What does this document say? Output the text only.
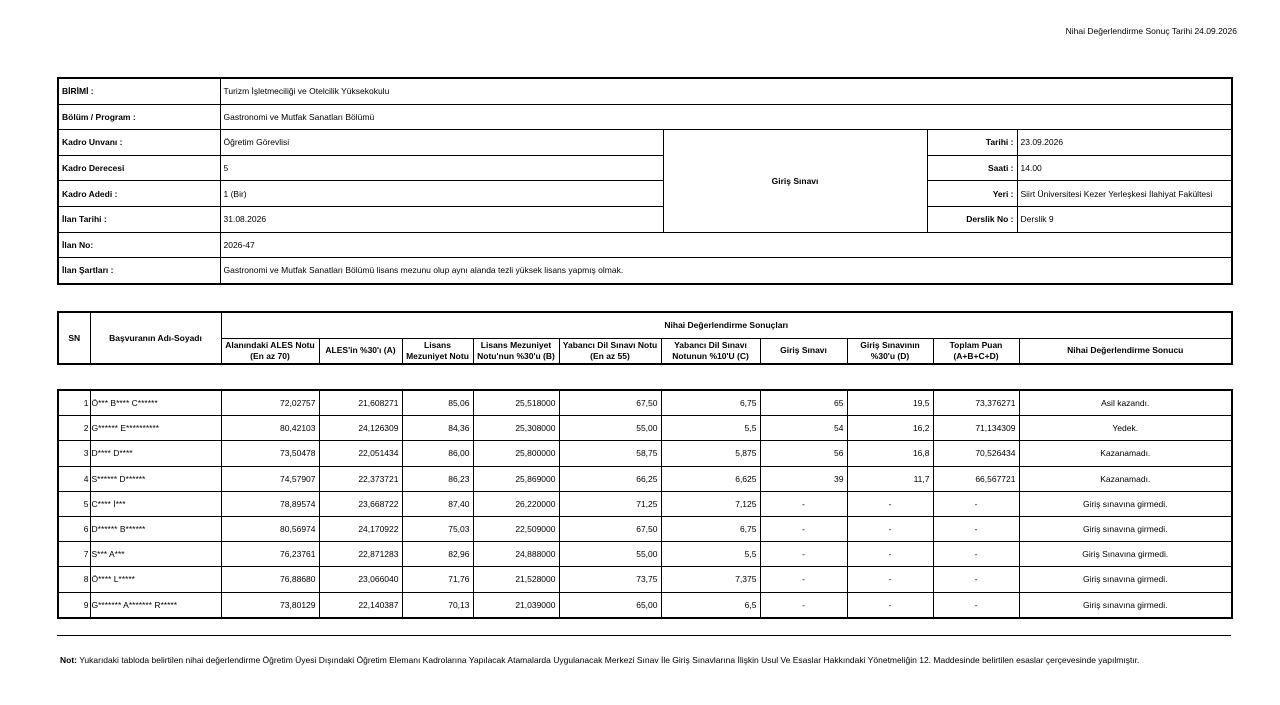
Nihai Değerlendirme Sonuç Tarihi 24.09.2026
BİRİMİ :	Turizm İşletmeciliği ve Otelcilik Yüksekokulu			
Bölüm / Program :	Gastronomi ve Mutfak Sanatları Bölümü			
Kadro Unvanı :	Öğretim Görevlisi	Giriş Sınavı	Tarihi :	23.09.2026
Kadro Derecesi	5		Saati :	14.00
Kadro Adedi :	1 (Bir)		Yeri :	Siirt Üniversitesi Kezer Yerleşkesi İlahiyat Fakültesi
İlan Tarihi :	31.08.2026		Derslik No :	Derslik 9
İlan No:	2026-47			
İlan Şartları :	Gastronomi ve Mutfak Sanatları Bölümü lisans mezunu olup aynı alanda tezli yüksek lisans yapmış olmak.			
SN	Başvuranın Adı-Soyadı	Nihai Değerlendirme Sonuçları									
		Alanındaki ALES Notu (En az 70)	ALES'in %30'ı (A)	Lisans Mezuniyet Notu	Lisans Mezuniyet Notu'nun %30'u (B)	Yabancı Dil Sınavı Notu (En az 55)	Yabancı Dil Sınavı Notunun %10'U (C)	Giriş Sınavı	Giriş Sınavının %30'u (D)	Toplam Puan (A+B+C+D)	Nihai Değerlendirme Sonucu
1	Ö*** B**** C******	72,02757	21,608271	85,06	25,518000	67,50	6,75	65	19,5	73,376271	Asil kazandı.
2	G****** E**********	80,42103	24,126309	84,36	25,308000	55,00	5,5	54	16,2	71,134309	Yedek.
3	D**** D****	73,50478	22,051434	86,00	25,800000	58,75	5,875	56	16,8	70,526434	Kazanamadı.
4	S****** D******	74,57907	22,373721	86,23	25,869000	66,25	6,625	39	11,7	66,567721	Kazanamadı.
5	C**** İ***	78,89574	23,668722	87,40	26,220000	71,25	7,125	-	-	-	Giriş sınavına girmedi.
6	D****** B******	80,56974	24,170922	75,03	22,509000	67,50	6,75	-	-	-	Giriş sınavına girmedi.
7	S*** A***	76,23761	22,871283	82,96	24,888000	55,00	5,5	-	-	-	Giriş Sınavına girmedi.
8	Ö**** L*****	76,88680	23,066040	71,76	21,528000	73,75	7,375	-	-	-	Giriş sınavına girmedi.
9	G******* A******* R*****	73,80129	22,140387	70,13	21,039000	65,00	6,5	-	-	-	Giriş sınavına girmedi.
Not: Yukarıdaki tabloda belirtilen nihai değerlendirme Öğretim Üyesi Dışındaki Öğretim Elemanı Kadrolarına Yapılacak Atamalarda Uygulanacak Merkezi Sınav İle Giriş Sınavlarına İlişkin Usul Ve Esaslar Hakkındaki Yönetmeliğin 12. Maddesinde belirtilen esaslar çerçevesinde yapılmıştır.
